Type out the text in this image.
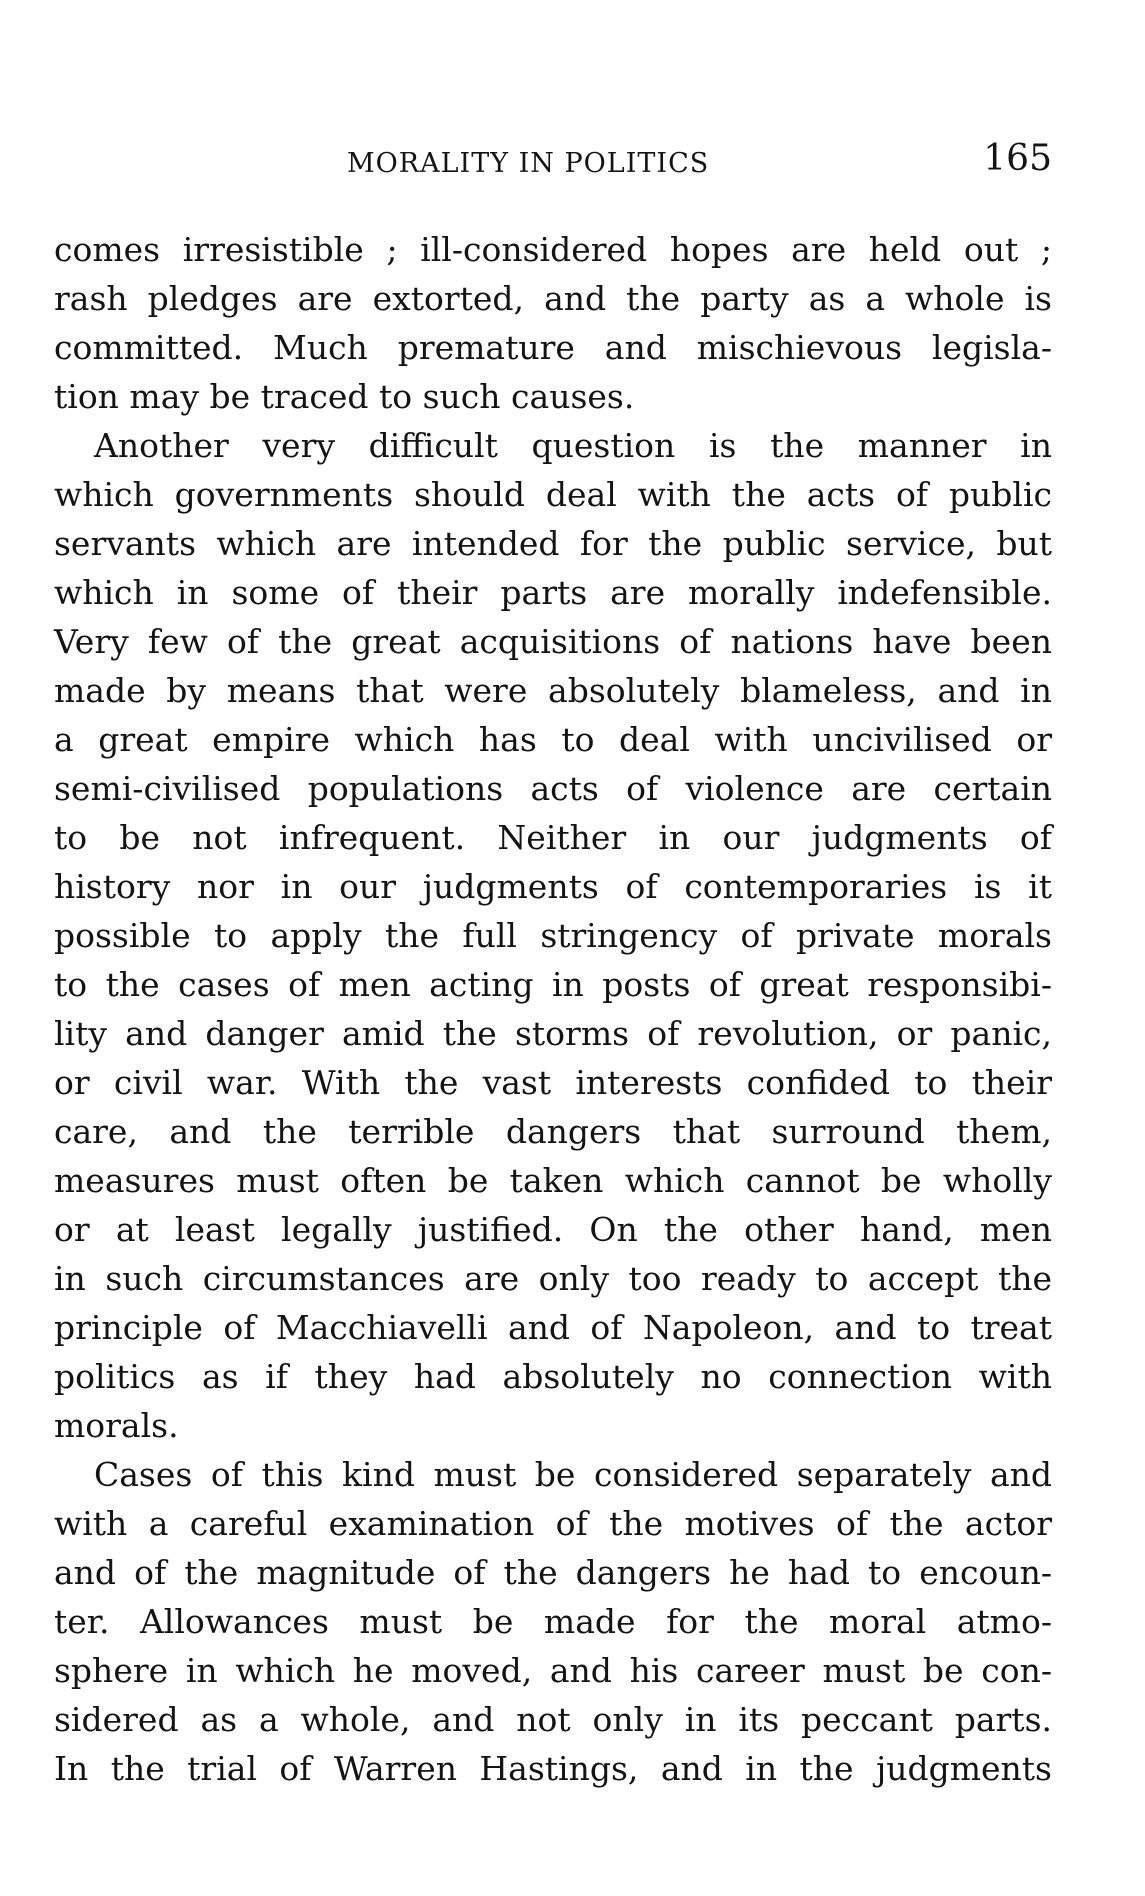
MORALITY IN POLITICS	165
comes irresistible ; ill-considered hopes are held out ;
rash pledges are extorted, and the party as a whole is
committed. Much premature and mischievous legisla-
tion may be traced to such causes.
Another very difficult question is the manner in
which governments should deal with the acts of public
servants which are intended for the public service, but
which in some of their parts are morally indefensible.
Very few of the great acquisitions of nations have been
made by means that were absolutely blameless, and in
a great empire which has to deal with uncivilised or
semi-civilised populations acts of violence are certain
to be not infrequent. Neither in our judgments of
history nor in our judgments of contemporaries is it
possible to apply the full stringency of private morals
to the cases of men acting in posts of great responsibi-
lity and danger amid the storms of revolution, or panic,
or civil war. With the vast interests confided to their
care, and the terrible dangers that surround them,
measures must often be taken which cannot be wholly
or at least legally justified. On the other hand, men
in such circumstances are only too ready to accept the
principle of Macchiavelli and of Napoleon, and to treat
politics as if they had absolutely no connection with
morals.
Cases of this kind must be considered separately and
with a careful examination of the motives of the actor
and of the magnitude of the dangers he had to encoun-
ter. Allowances must be made for the moral atmo-
sphere in which he moved, and his career must be con-
sidered as a whole, and not only in its peccant parts.
In the trial of Warren Hastings, and in the judgments
